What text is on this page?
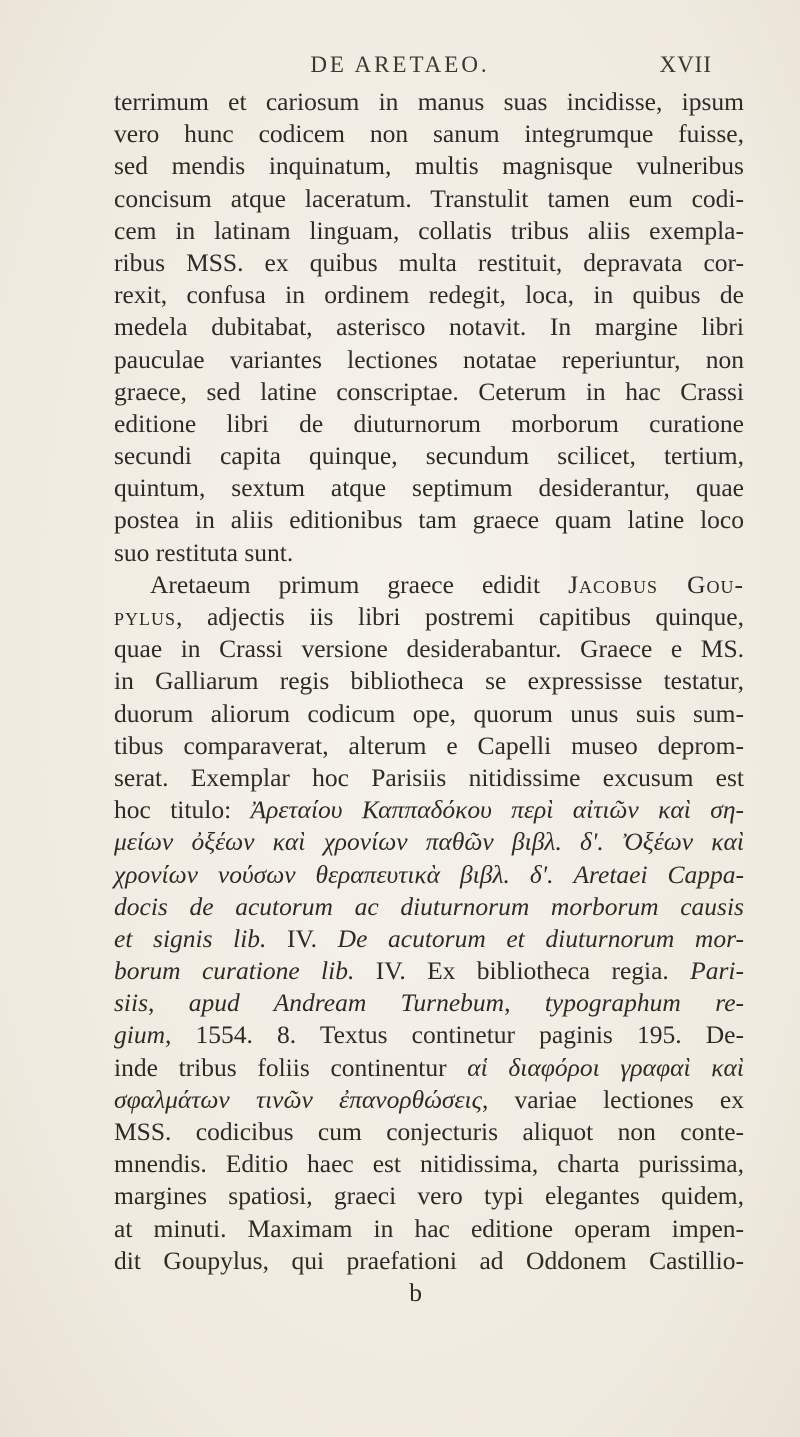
DE ARETAEO.	XVII
terrimum et cariosum in manus suas incidisse, ipsum
vero hunc codicem non sanum integrumque fuisse,
sed mendis inquinatum, multis magnisque vulneribus
concisum atque laceratum. Transtulit tamen eum codi-
cem in latinam linguam, collatis tribus aliis exempla-
ribus MSS. ex quibus multa restituit, depravata cor-
rexit, confusa in ordinem redegit, loca, in quibus de
medela dubitabat, asterisco notavit. In margine libri
pauculae variantes lectiones notatae reperiuntur, non
graece, sed latine conscriptae. Ceterum in hac Crassi
editione libri de diuturnorum morborum curatione
secundi capita quinque, secundum scilicet, tertium,
quintum, sextum atque septimum desiderantur, quae
postea in aliis editionibus tam graece quam latine loco
suo restituta sunt.
Aretaeum primum graece edidit Jacobus Gou-
pylus, adjectis iis libri postremi capitibus quinque,
quae in Crassi versione desiderabantur. Graece e MS.
in Galliarum regis bibliotheca se expressisse testatur,
duorum aliorum codicum ope, quorum unus suis sum-
tibus comparaverat, alterum e Capelli museo deprom-
serat. Exemplar hoc Parisiis nitidissime excusum est
hoc titulo: Ἀρεταίου Καππαδόκου περὶ αἰτιῶν καὶ ση-
μείων ὀξέων καὶ χρονίων παθῶν βιβλ. δ'. Ὀξέων καὶ
χρονίων νούσων θεραπευτικὰ βιβλ. δ'. Aretaei Cappa-
docis de acutorum ac diuturnorum morborum causis
et signis lib. IV. De acutorum et diuturnorum mor-
borum curatione lib. IV. Ex bibliotheca regia. Pari-
siis, apud Andream Turnebum, typographum re-
gium, 1554. 8. Textus continetur paginis 195. De-
inde tribus foliis continentur αἱ διαφόροι γραφαὶ καὶ
σφαλμάτων τινῶν ἐπανορθώσεις, variae lectiones ex
MSS. codicibus cum conjecturis aliquot non conte-
mnendis. Editio haec est nitidissima, charta purissima,
margines spatiosi, graeci vero typi elegantes quidem,
at minuti. Maximam in hac editione operam impen-
dit Goupylus, qui praefationi ad Oddonem Castillio-
b
